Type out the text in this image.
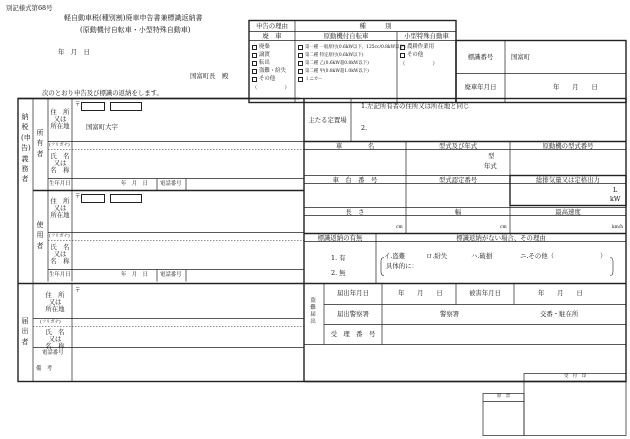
別記様式第68号
軽自動車税(種別割)廃車申告書兼標識返納書
(原動機付自転車・小型特殊自動車)
年　月　日
国富町長　殿
次のとおり申告及び標識の返納をします。
申告の理由	種　　　別
廃　車	原動機付自転車	小型特殊自動車
廃棄
譲渡
転出
盗難・紛失
その他
（　　　　　）
第一種 一般原付(0.6kW以下、125cc/0.8kW以下)
第二種 特定原付(0.6kW以下)
第二種 乙(0.6kW超0.8kW以下)
第二種 甲(0.8kW超1.0kW以下)
ミニカー
農耕作業用
その他
（　　　　　）
標識番号	国富町
廃車年月日	年　　月　　日
納税(申告)義務者
所有者
使用者
届出者
住　所
又は
所在地
〒
国富町大字
(フリガナ)
氏　名
又は
名　称
生年月日	年　月　日 電話番号
住　所
又は
所在地
〒
(フリガナ)
氏　名
又は
名　称
生年月日	年　月　日 電話番号
住　所
又は
所在地
〒
(フリガナ)
氏　名
又は
名　称
電話番号
主たる定置場
1.左記所有者の住所又は所在地と同じ
2.
車　　　　名	型式及び年式	原動機の型式番号
型
年式
車　台　番　号	型式認定番号	総排気量又は定格出力
L
kW
長　さ	幅	最高速度
cm	cm	km/h
標識返納の有無	標識返納がない場合、その理由
1. 有
2. 無
イ.盗難	ロ.紛失	ハ.破損	ニ.その他（	）
具体的に：
盗難届出
届出年月日	年　　月　　日	被害年月日	年　　月　　日
届出警察署	警察署	交番・駐在所
受　理　番　号
備　考
受　付　印
原　票
